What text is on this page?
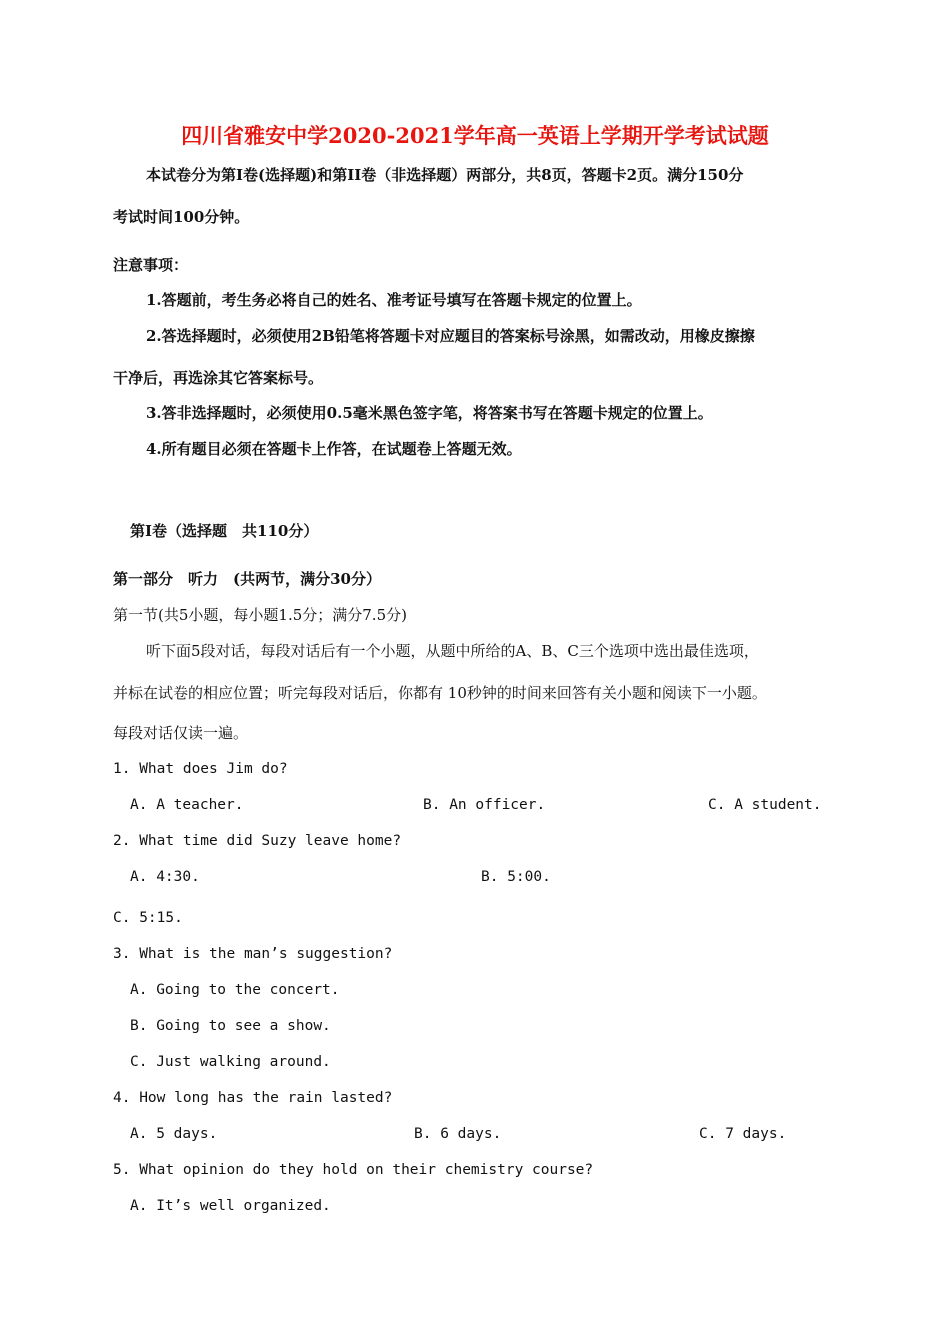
四川省雅安中学2020-2021学年高一英语上学期开学考试试题
本试卷分为第Ⅰ卷(选择题)和第II卷（非选择题）两部分，共8页，答题卡2页。满分150分
考试时间100分钟。
注意事项：
1.答题前，考生务必将自己的姓名、准考证号填写在答题卡规定的位置上。
2.答选择题时，必须使用2B铅笔将答题卡对应题目的答案标号涂黑，如需改动，用橡皮擦擦
干净后，再选涂其它答案标号。
3.答非选择题时，必须使用0.5毫米黑色签字笔，将答案书写在答题卡规定的位置上。
4.所有题目必须在答题卡上作答，在试题卷上答题无效。
第Ⅰ卷（选择题　共110分）
第一部分　听力　(共两节，满分30分）
第一节(共5小题，每小题1.5分；满分7.5分)
听下面5段对话，每段对话后有一个小题，从题中所给的A、B、C三个选项中选出最佳选项，
并标在试卷的相应位置；听完每段对话后，你都有 10秒钟的时间来回答有关小题和阅读下一小题。
每段对话仅读一遍。
1. What does Jim do?
A. A teacher.	B. An officer.	C. A student.
2. What time did Suzy leave home?
A. 4:30.	B. 5:00.
C. 5:15.
3. What is the man’s suggestion?
A. Going to the concert.
B. Going to see a show.
C. Just walking around.
4. How long has the rain lasted?
A. 5 days.	B. 6 days.	C. 7 days.
5. What opinion do they hold on their chemistry course?
A. It’s well organized.
